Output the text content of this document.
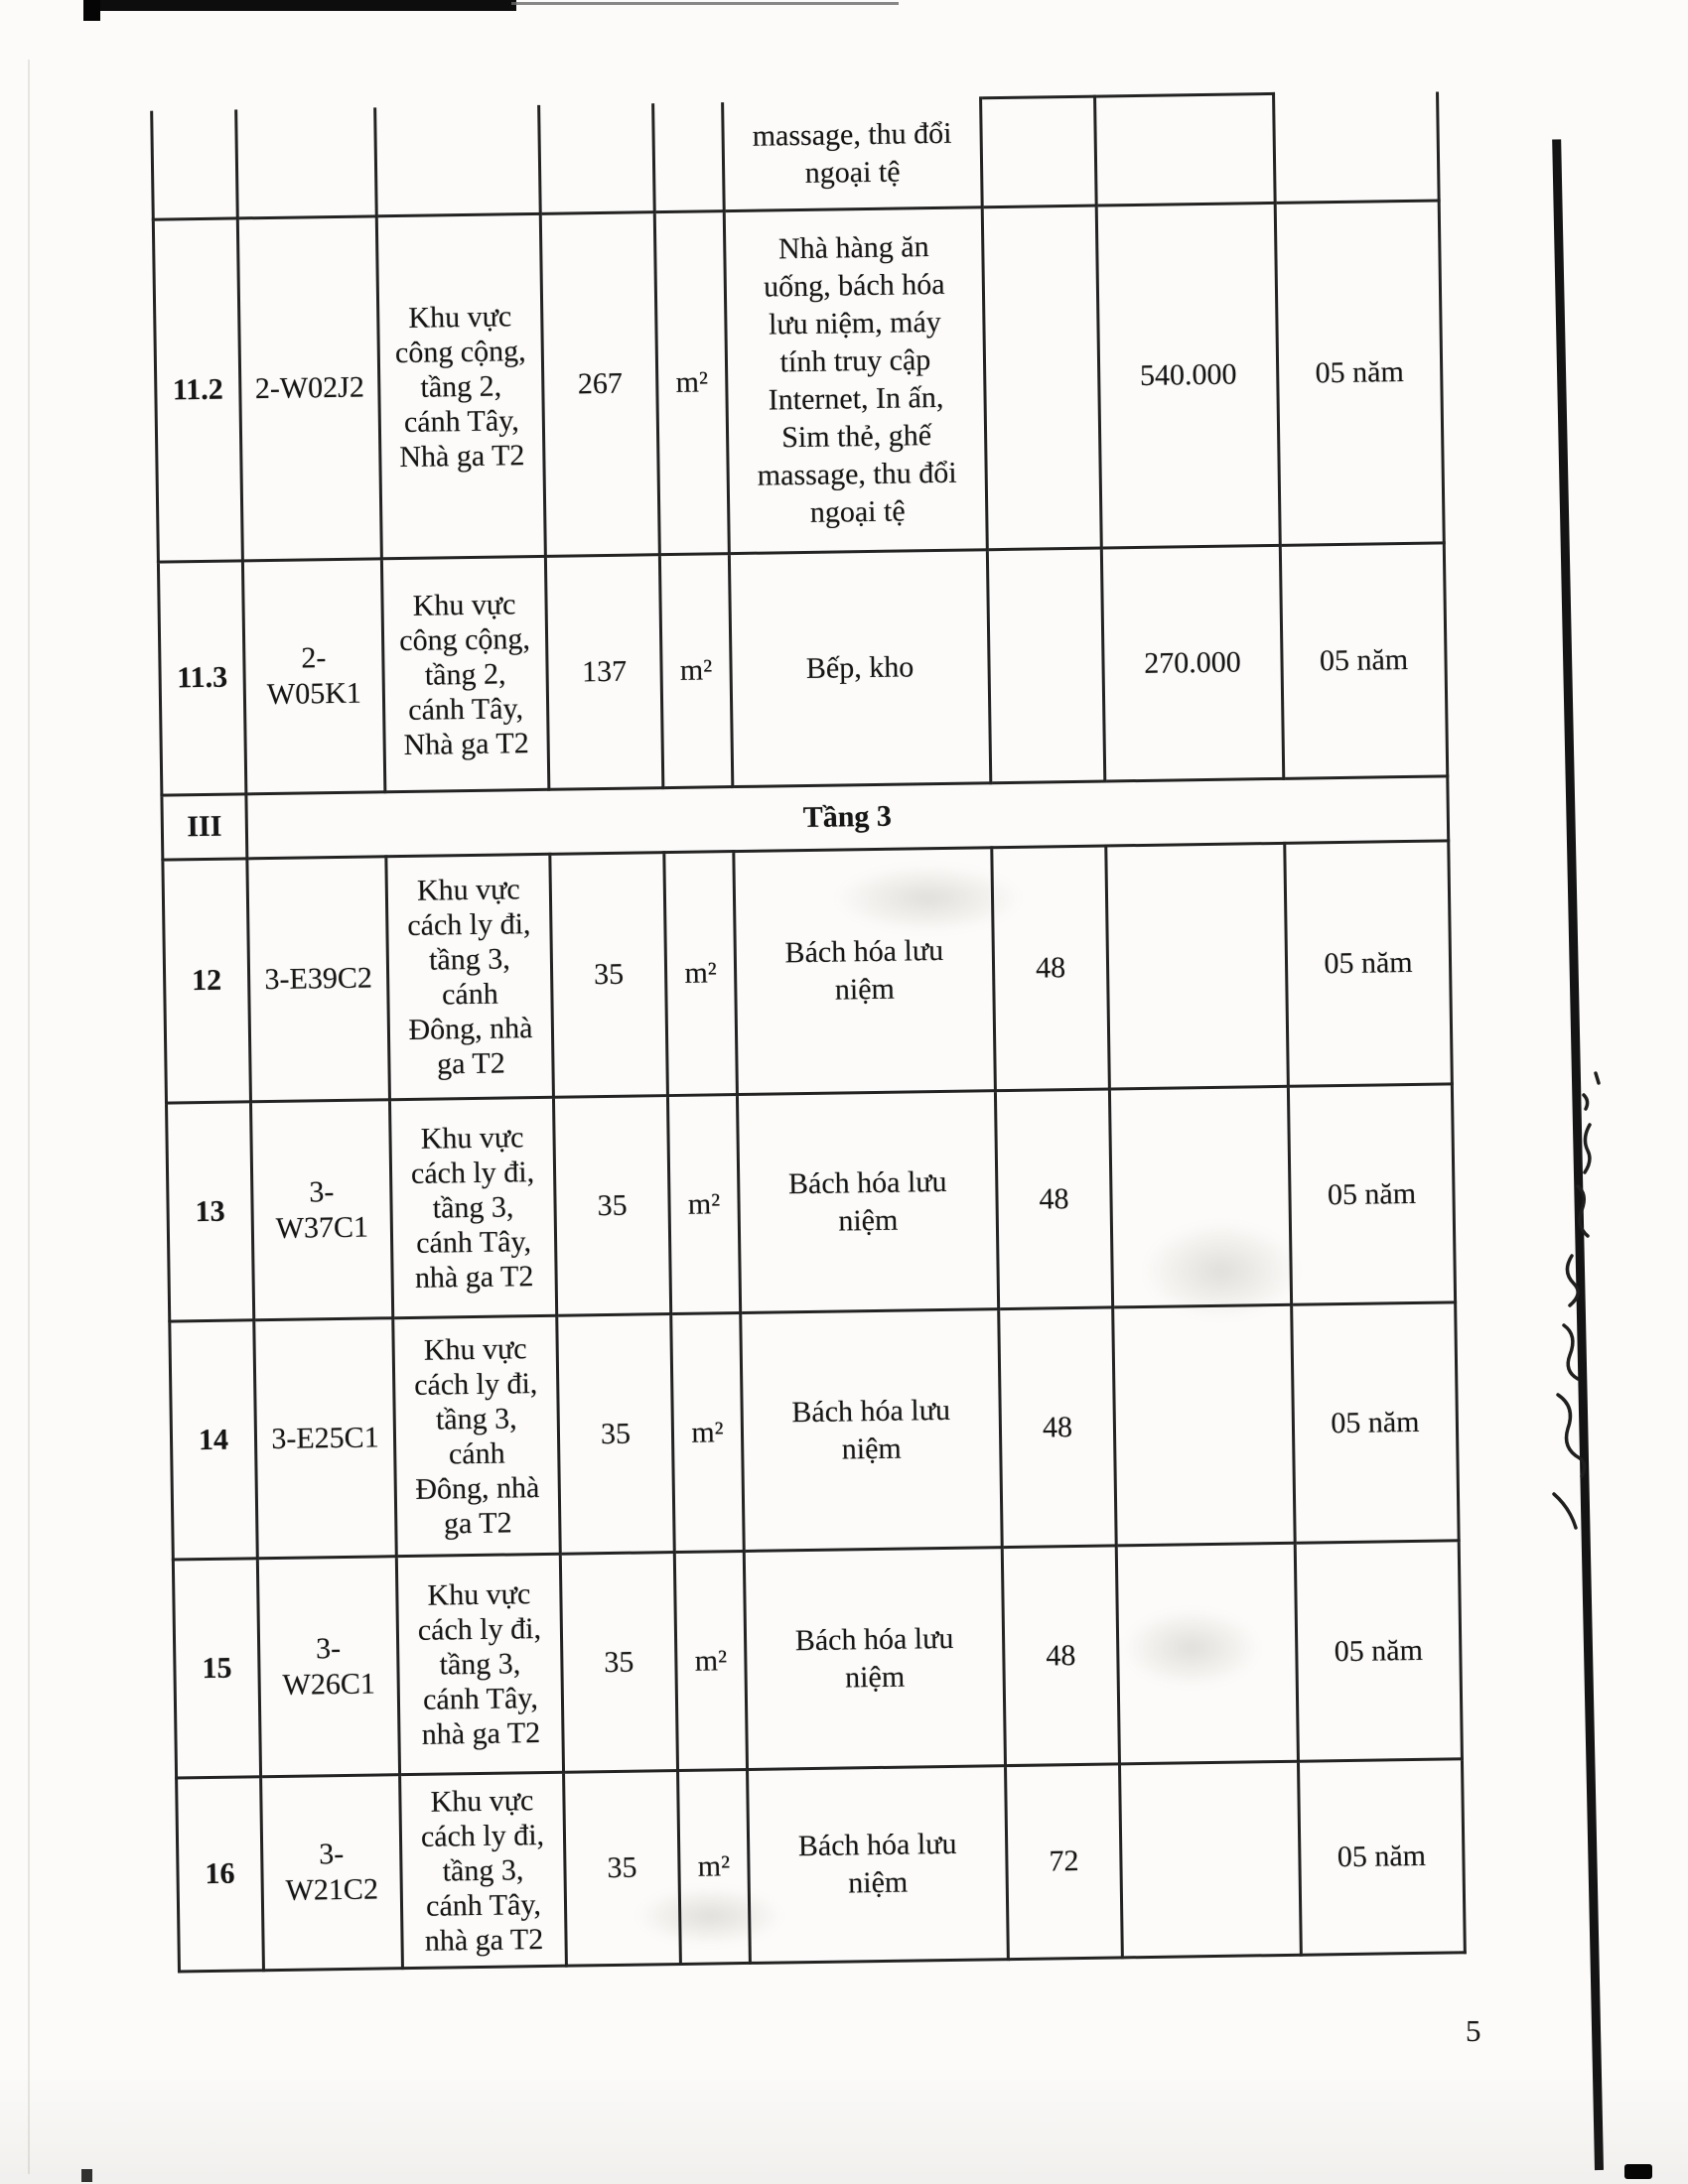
					massage, thu đổi
ngoại tệ			
11.2	2-W02J2	Khu vực
công cộng,
tầng 2,
cánh Tây,
Nhà ga T2	267	m²	Nhà hàng ăn
uống, bách hóa
lưu niệm, máy
tính truy cập
Internet, In ấn,
Sim thẻ, ghế
massage, thu đổi
ngoại tệ		540.000	05 năm
11.3	2-
W05K1	Khu vực
công cộng,
tầng 2,
cánh Tây,
Nhà ga T2	137	m²	Bếp, kho		270.000	05 năm
III	Tầng 3							
12	3-E39C2	Khu vực
cách ly đi,
tầng 3,
cánh
Đông, nhà
ga T2	35	m²	Bách hóa lưu
niệm	48		05 năm
13	3-
W37C1	Khu vực
cách ly đi,
tầng 3,
cánh Tây,
nhà ga T2	35	m²	Bách hóa lưu
niệm	48		05 năm
14	3-E25C1	Khu vực
cách ly đi,
tầng 3,
cánh
Đông, nhà
ga T2	35	m²	Bách hóa lưu
niệm	48		05 năm
15	3-
W26C1	Khu vực
cách ly đi,
tầng 3,
cánh Tây,
nhà ga T2	35	m²	Bách hóa lưu
niệm	48		05 năm
16	3-
W21C2	Khu vực
cách ly đi,
tầng 3,
cánh Tây,
nhà ga T2	35	m²	Bách hóa lưu
niệm	72		05 năm
5
